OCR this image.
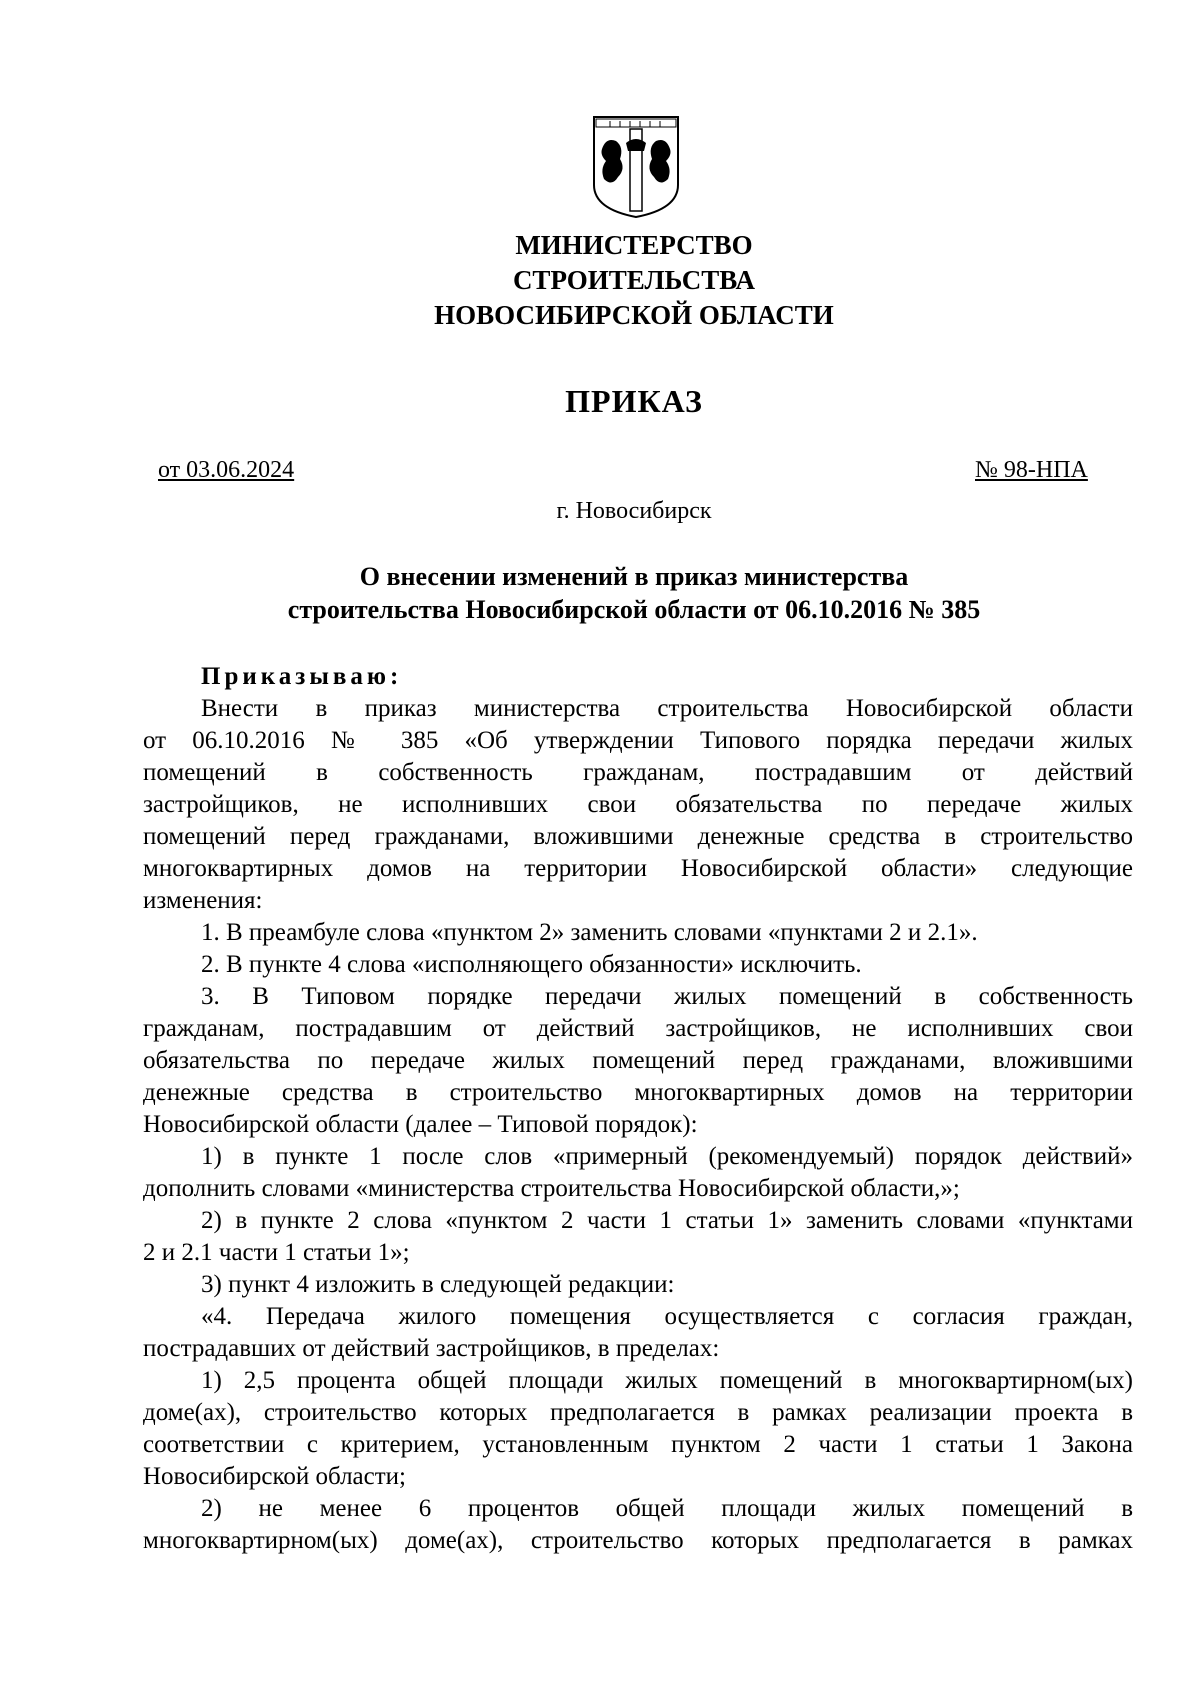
МИНИСТЕРСТВО
СТРОИТЕЛЬСТВА
НОВОСИБИРСКОЙ ОБЛАСТИ
ПРИКАЗ
от 03.06.2024	№ 98-НПА
г. Новосибирск
О внесении изменений в приказ министерства
строительства Новосибирской области от 06.10.2016 № 385
Приказываю:
Внести в приказ министерства строительства Новосибирской области
от 06.10.2016 № 385 «Об утверждении Типового порядка передачи жилых
помещений в собственность гражданам, пострадавшим от действий
застройщиков, не исполнивших свои обязательства по передаче жилых
помещений перед гражданами, вложившими денежные средства в строительство
многоквартирных домов на территории Новосибирской области» следующие
изменения:
1. В преамбуле слова «пунктом 2» заменить словами «пунктами 2 и 2.1».
2. В пункте 4 слова «исполняющего обязанности» исключить.
3. В Типовом порядке передачи жилых помещений в собственность
гражданам, пострадавшим от действий застройщиков, не исполнивших свои
обязательства по передаче жилых помещений перед гражданами, вложившими
денежные средства в строительство многоквартирных домов на территории
Новосибирской области (далее – Типовой порядок):
1) в пункте 1 после слов «примерный (рекомендуемый) порядок действий»
дополнить словами «министерства строительства Новосибирской области,»;
2) в пункте 2 слова «пунктом 2 части 1 статьи 1» заменить словами «пунктами
2 и 2.1 части 1 статьи 1»;
3) пункт 4 изложить в следующей редакции:
«4. Передача жилого помещения осуществляется с согласия граждан,
пострадавших от действий застройщиков, в пределах:
1) 2,5 процента общей площади жилых помещений в многоквартирном(ых)
доме(ах), строительство которых предполагается в рамках реализации проекта в
соответствии с критерием, установленным пунктом 2 части 1 статьи 1 Закона
Новосибирской области;
2) не менее 6 процентов общей площади жилых помещений в
многоквартирном(ых) доме(ах), строительство которых предполагается в рамках
